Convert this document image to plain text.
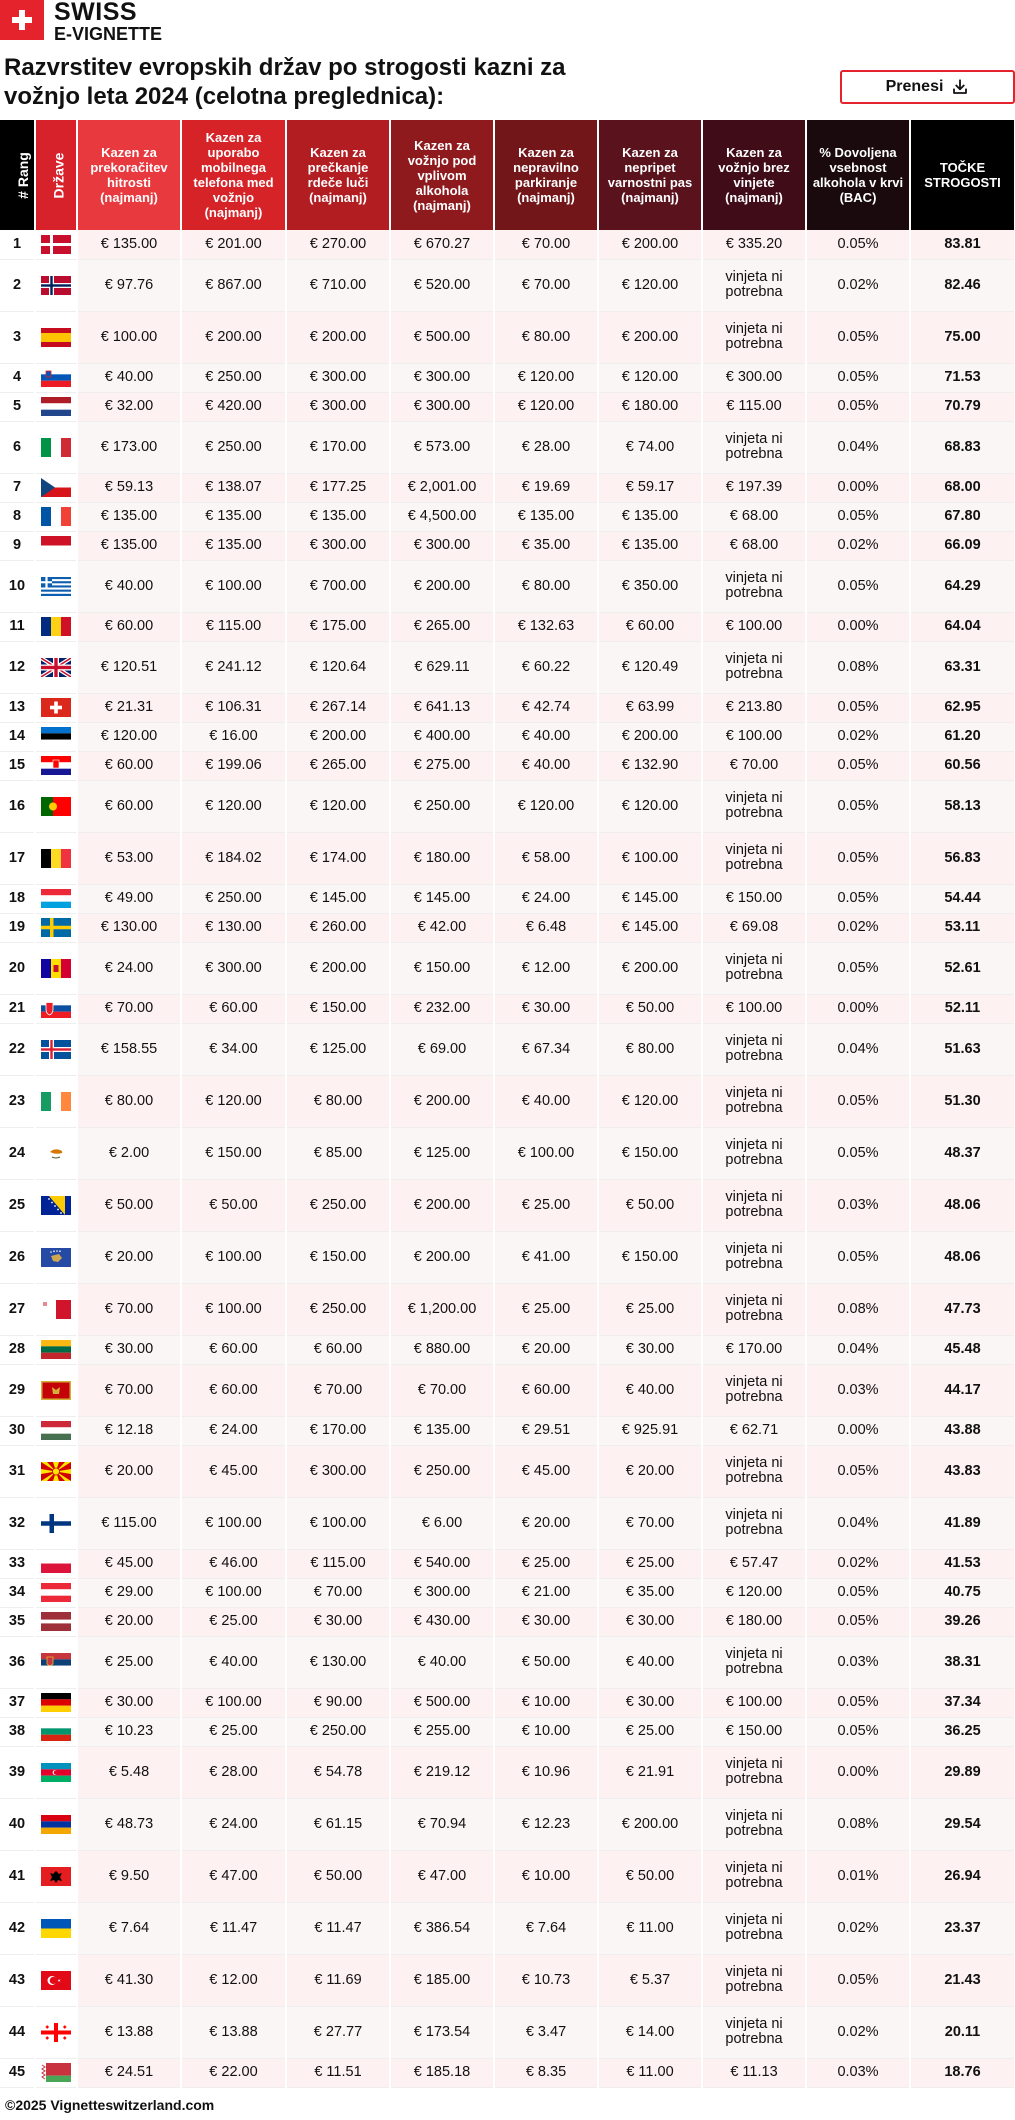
SWISS
E-VIGNETTE
Razvrstitev evropskih držav po strogosti kazni za vožnjo leta 2024 (celotna preglednica):	Prenesi
# Rang	Države	Kazen za prekoračitev hitrosti (najmanj)	Kazen za uporabo mobilnega telefona med vožnjo (najmanj)	Kazen za prečkanje rdeče luči (najmanj)	Kazen za vožnjo pod vplivom alkohola (najmanj)	Kazen za nepravilno parkiranje (najmanj)	Kazen za nepripet varnostni pas (najmanj)	Kazen za vožnjo brez vinjete (najmanj)	% Dovoljena vsebnost alkohola v krvi (BAC)	TOČKE STROGOSTI
1		€ 135.00	€ 201.00	€ 270.00	€ 670.27	€ 70.00	€ 200.00	€ 335.20	0.05%	83.81
2		€ 97.76	€ 867.00	€ 710.00	€ 520.00	€ 70.00	€ 120.00	vinjeta ni potrebna	0.02%	82.46
3		€ 100.00	€ 200.00	€ 200.00	€ 500.00	€ 80.00	€ 200.00	vinjeta ni potrebna	0.05%	75.00
4		€ 40.00	€ 250.00	€ 300.00	€ 300.00	€ 120.00	€ 120.00	€ 300.00	0.05%	71.53
5		€ 32.00	€ 420.00	€ 300.00	€ 300.00	€ 120.00	€ 180.00	€ 115.00	0.05%	70.79
6		€ 173.00	€ 250.00	€ 170.00	€ 573.00	€ 28.00	€ 74.00	vinjeta ni potrebna	0.04%	68.83
7		€ 59.13	€ 138.07	€ 177.25	€ 2,001.00	€ 19.69	€ 59.17	€ 197.39	0.00%	68.00
8		€ 135.00	€ 135.00	€ 135.00	€ 4,500.00	€ 135.00	€ 135.00	€ 68.00	0.05%	67.80
9		€ 135.00	€ 135.00	€ 300.00	€ 300.00	€ 35.00	€ 135.00	€ 68.00	0.02%	66.09
10		€ 40.00	€ 100.00	€ 700.00	€ 200.00	€ 80.00	€ 350.00	vinjeta ni potrebna	0.05%	64.29
11		€ 60.00	€ 115.00	€ 175.00	€ 265.00	€ 132.63	€ 60.00	€ 100.00	0.00%	64.04
12		€ 120.51	€ 241.12	€ 120.64	€ 629.11	€ 60.22	€ 120.49	vinjeta ni potrebna	0.08%	63.31
13		€ 21.31	€ 106.31	€ 267.14	€ 641.13	€ 42.74	€ 63.99	€ 213.80	0.05%	62.95
14		€ 120.00	€ 16.00	€ 200.00	€ 400.00	€ 40.00	€ 200.00	€ 100.00	0.02%	61.20
15		€ 60.00	€ 199.06	€ 265.00	€ 275.00	€ 40.00	€ 132.90	€ 70.00	0.05%	60.56
16		€ 60.00	€ 120.00	€ 120.00	€ 250.00	€ 120.00	€ 120.00	vinjeta ni potrebna	0.05%	58.13
17		€ 53.00	€ 184.02	€ 174.00	€ 180.00	€ 58.00	€ 100.00	vinjeta ni potrebna	0.05%	56.83
18		€ 49.00	€ 250.00	€ 145.00	€ 145.00	€ 24.00	€ 145.00	€ 150.00	0.05%	54.44
19		€ 130.00	€ 130.00	€ 260.00	€ 42.00	€ 6.48	€ 145.00	€ 69.08	0.02%	53.11
20		€ 24.00	€ 300.00	€ 200.00	€ 150.00	€ 12.00	€ 200.00	vinjeta ni potrebna	0.05%	52.61
21		€ 70.00	€ 60.00	€ 150.00	€ 232.00	€ 30.00	€ 50.00	€ 100.00	0.00%	52.11
22		€ 158.55	€ 34.00	€ 125.00	€ 69.00	€ 67.34	€ 80.00	vinjeta ni potrebna	0.04%	51.63
23		€ 80.00	€ 120.00	€ 80.00	€ 200.00	€ 40.00	€ 120.00	vinjeta ni potrebna	0.05%	51.30
24		€ 2.00	€ 150.00	€ 85.00	€ 125.00	€ 100.00	€ 150.00	vinjeta ni potrebna	0.05%	48.37
25		€ 50.00	€ 50.00	€ 250.00	€ 200.00	€ 25.00	€ 50.00	vinjeta ni potrebna	0.03%	48.06
26		€ 20.00	€ 100.00	€ 150.00	€ 200.00	€ 41.00	€ 150.00	vinjeta ni potrebna	0.05%	48.06
27		€ 70.00	€ 100.00	€ 250.00	€ 1,200.00	€ 25.00	€ 25.00	vinjeta ni potrebna	0.08%	47.73
28		€ 30.00	€ 60.00	€ 60.00	€ 880.00	€ 20.00	€ 30.00	€ 170.00	0.04%	45.48
29		€ 70.00	€ 60.00	€ 70.00	€ 70.00	€ 60.00	€ 40.00	vinjeta ni potrebna	0.03%	44.17
30		€ 12.18	€ 24.00	€ 170.00	€ 135.00	€ 29.51	€ 925.91	€ 62.71	0.00%	43.88
31		€ 20.00	€ 45.00	€ 300.00	€ 250.00	€ 45.00	€ 20.00	vinjeta ni potrebna	0.05%	43.83
32		€ 115.00	€ 100.00	€ 100.00	€ 6.00	€ 20.00	€ 70.00	vinjeta ni potrebna	0.04%	41.89
33		€ 45.00	€ 46.00	€ 115.00	€ 540.00	€ 25.00	€ 25.00	€ 57.47	0.02%	41.53
34		€ 29.00	€ 100.00	€ 70.00	€ 300.00	€ 21.00	€ 35.00	€ 120.00	0.05%	40.75
35		€ 20.00	€ 25.00	€ 30.00	€ 430.00	€ 30.00	€ 30.00	€ 180.00	0.05%	39.26
36		€ 25.00	€ 40.00	€ 130.00	€ 40.00	€ 50.00	€ 40.00	vinjeta ni potrebna	0.03%	38.31
37		€ 30.00	€ 100.00	€ 90.00	€ 500.00	€ 10.00	€ 30.00	€ 100.00	0.05%	37.34
38		€ 10.23	€ 25.00	€ 250.00	€ 255.00	€ 10.00	€ 25.00	€ 150.00	0.05%	36.25
39		€ 5.48	€ 28.00	€ 54.78	€ 219.12	€ 10.96	€ 21.91	vinjeta ni potrebna	0.00%	29.89
40		€ 48.73	€ 24.00	€ 61.15	€ 70.94	€ 12.23	€ 200.00	vinjeta ni potrebna	0.08%	29.54
41		€ 9.50	€ 47.00	€ 50.00	€ 47.00	€ 10.00	€ 50.00	vinjeta ni potrebna	0.01%	26.94
42		€ 7.64	€ 11.47	€ 11.47	€ 386.54	€ 7.64	€ 11.00	vinjeta ni potrebna	0.02%	23.37
43		€ 41.30	€ 12.00	€ 11.69	€ 185.00	€ 10.73	€ 5.37	vinjeta ni potrebna	0.05%	21.43
44		€ 13.88	€ 13.88	€ 27.77	€ 173.54	€ 3.47	€ 14.00	vinjeta ni potrebna	0.02%	20.11
45		€ 24.51	€ 22.00	€ 11.51	€ 185.18	€ 8.35	€ 11.00	€ 11.13	0.03%	18.76
©2025 Vignetteswitzerland.com
